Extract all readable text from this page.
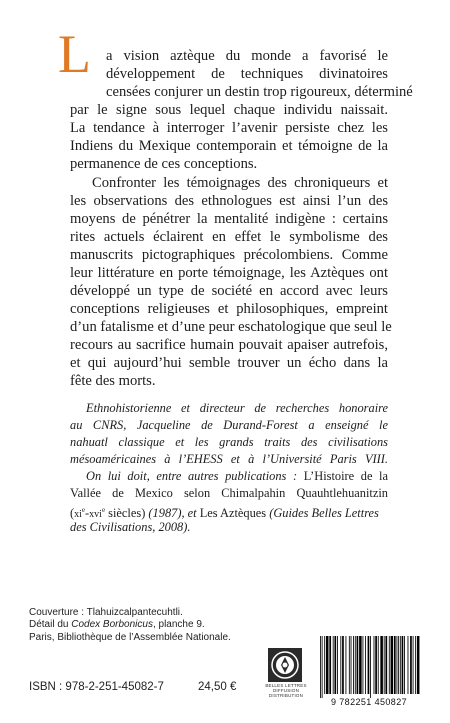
L a vision aztèque du monde a favorisé le
développement de techniques divinatoires
censées conjurer un destin trop rigoureux, déterminé
par le signe sous lequel chaque individu naissait.
La tendance à interroger l’avenir persiste chez les
Indiens du Mexique contemporain et témoigne de la
permanence de ces conceptions.
Confronter les témoignages des chroniqueurs et
les observations des ethnologues est ainsi l’un des
moyens de pénétrer la mentalité indigène : certains
rites actuels éclairent en effet le symbolisme des
manuscrits pictographiques précolombiens. Comme
leur littérature en porte témoignage, les Aztèques ont
développé un type de société en accord avec leurs
conceptions religieuses et philosophiques, empreint
d’un fatalisme et d’une peur eschatologique que seul le
recours au sacrifice humain pouvait apaiser autrefois,
et qui aujourd’hui semble trouver un écho dans la
fête des morts.
Ethnohistorienne et directeur de recherches honoraire
au CNRS, Jacqueline de Durand-Forest a enseigné le
nahuatl classique et les grands traits des civilisations
mésoaméricaines à l’EHESS et à l’Université Paris VIII.
On lui doit, entre autres publications : L’Histoire de la
Vallée de Mexico selon Chimalpahin Quauhtlehuanitzin
($xi^e-xvi^e$ siècles) (1987), et Les Aztèques (Guides Belles Lettres
des Civilisations, 2008).
Couverture : Tlahuizcalpantecuhtli.
Détail du Codex Borbonicus, planche 9.
Paris, Bibliothèque de l’Assemblée Nationale.
ISBN : 978-2-251-45082-7	24,50 €	BELLES LETTRES
DIFFUSION
DISTRIBUTION
9 782251 450827
